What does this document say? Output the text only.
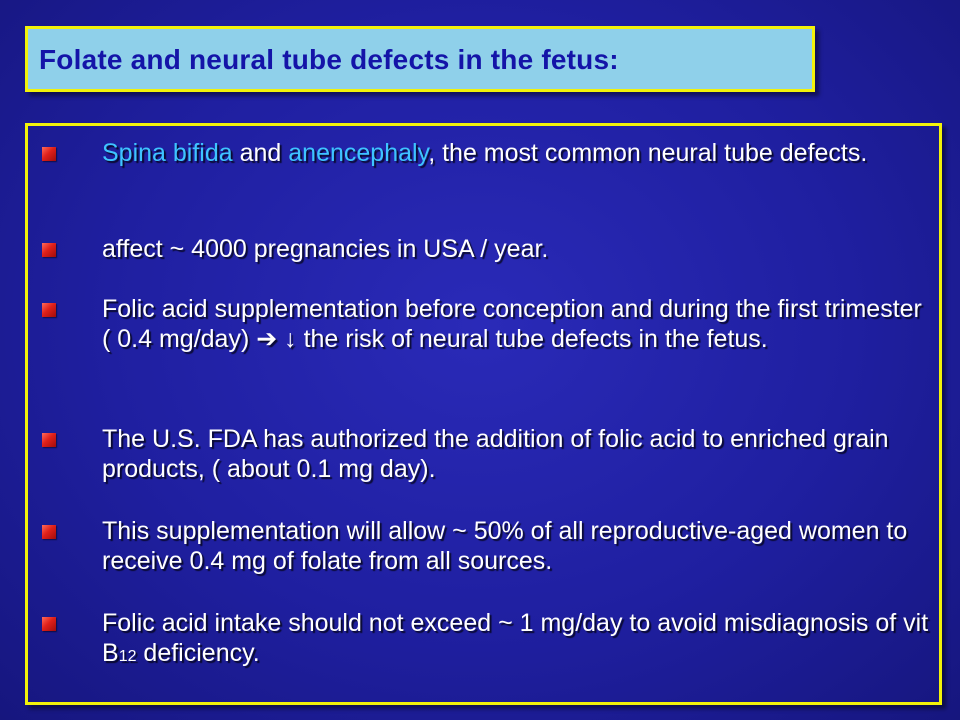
Folate and neural tube defects in the fetus:

Spina bifida and anencephaly, the most common neural tube defects.

affect ~ 4000 pregnancies in USA / year.

Folic acid supplementation before conception and during the first trimester ( 0.4 mg/day) ➔ ↓ the risk of neural tube defects in the fetus.

The U.S. FDA has authorized the addition of folic acid to enriched grain products, ( about 0.1 mg day).

This supplementation will allow ~ 50% of all reproductive-aged women to receive 0.4 mg of folate from all sources.

Folic acid intake should not exceed ~ 1 mg/day to avoid misdiagnosis of vit B12 deficiency.
